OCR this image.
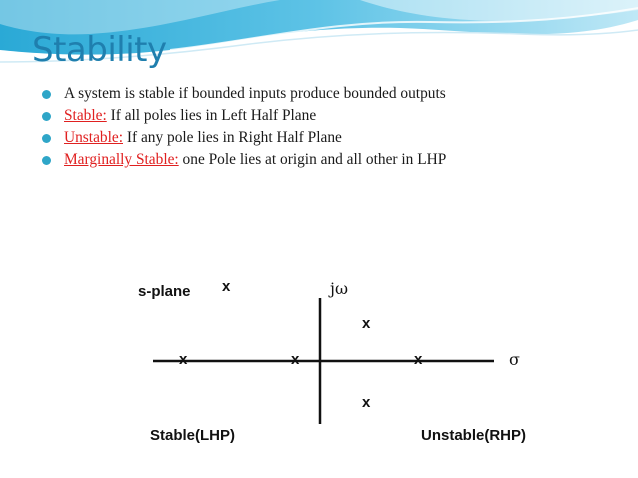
Stability
A system is stable if bounded inputs produce bounded outputs
Stable: If all poles lies in Left Half Plane
Unstable: If any pole lies in Right Half Plane
Marginally Stable: one Pole lies at origin and all other in LHP
s-plane x	jω
x
x	x	x	σ
x
Stable(LHP)	Unstable(RHP)
